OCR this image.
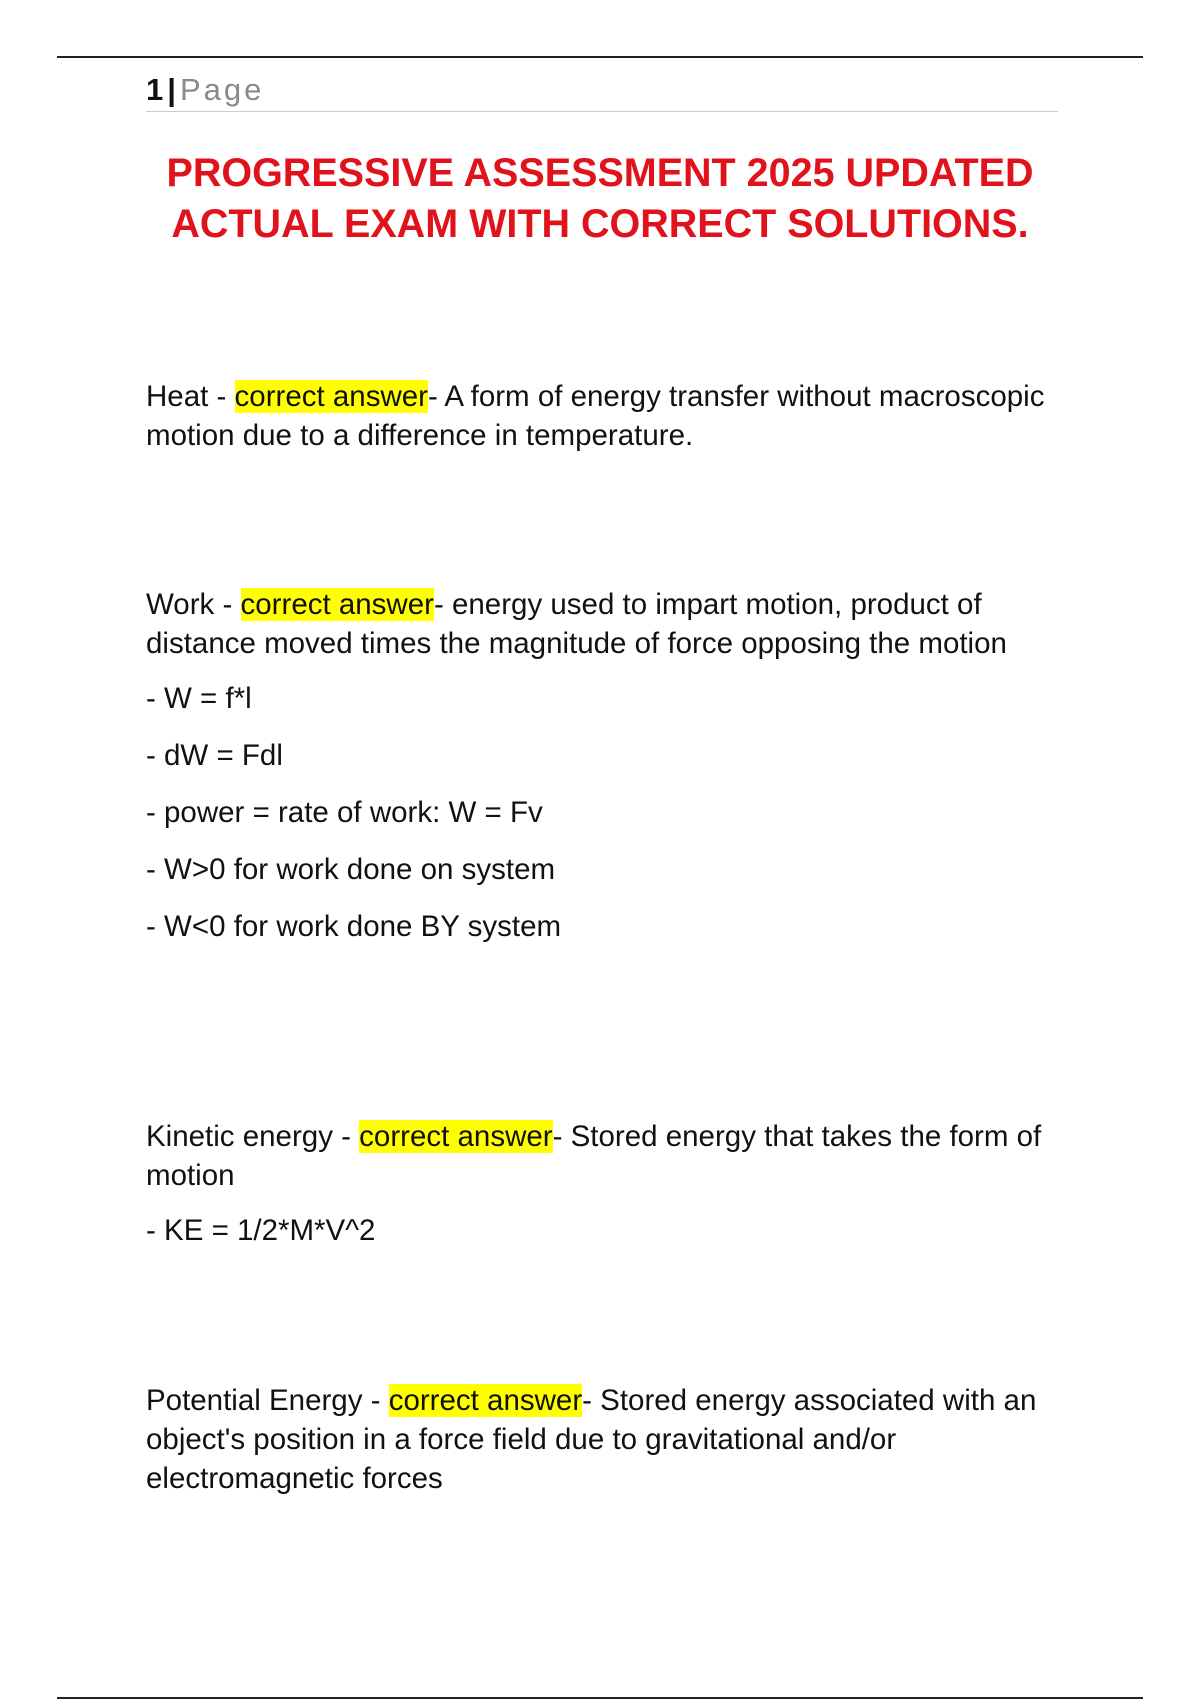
1 | Page
PROGRESSIVE ASSESSMENT 2025 UPDATED
ACTUAL EXAM WITH CORRECT SOLUTIONS.

Heat - correct answer- A form of energy transfer without macroscopic motion due to a difference in temperature.

Work - correct answer- energy used to impart motion, product of distance moved times the magnitude of force opposing the motion

- W = f*l

- dW = Fdl

- power = rate of work: W = Fv

- W>0 for work done on system

- W<0 for work done BY system

Kinetic energy - correct answer- Stored energy that takes the form of motion

- KE = 1/2*M*V^2

Potential Energy - correct answer- Stored energy associated with an object's position in a force field due to gravitational and/or electromagnetic forces
